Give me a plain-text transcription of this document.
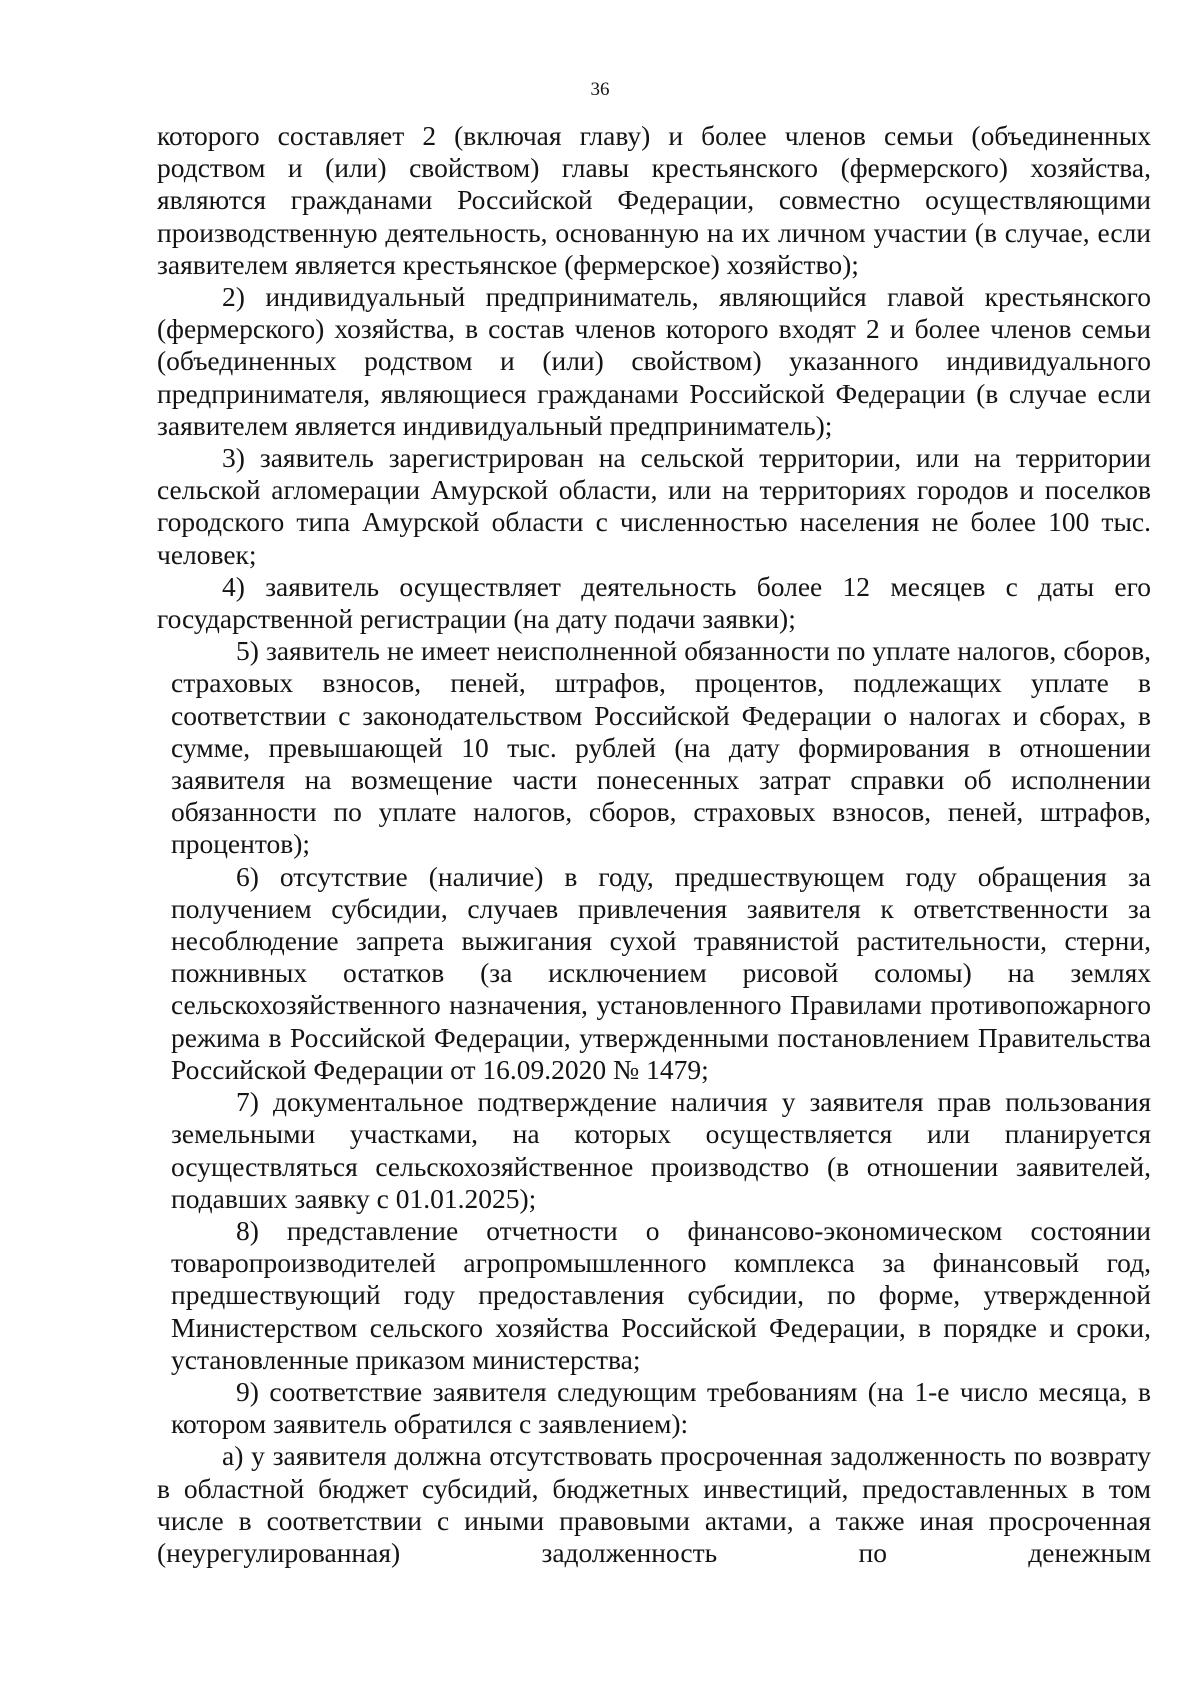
36

которого составляет 2 (включая главу) и более членов семьи (объединенных родством и (или) свойством) главы крестьянского (фермерского) хозяйства, являются гражданами Российской Федерации, совместно осуществляющими производственную деятельность, основанную на их личном участии (в случае, если заявителем является крестьянское (фермерское) хозяйство);

2) индивидуальный предприниматель, являющийся главой крестьянского (фермерского) хозяйства, в состав членов которого входят 2 и более членов семьи (объединенных родством и (или) свойством) указанного индивидуального предпринимателя, являющиеся гражданами Российской Федерации (в случае если заявителем является индивидуальный предприниматель);

3) заявитель зарегистрирован на сельской территории, или на территории сельской агломерации Амурской области, или на территориях городов и поселков городского типа Амурской области с численностью населения не более 100 тыс. человек;

4) заявитель осуществляет деятельность более 12 месяцев с даты его государственной регистрации (на дату подачи заявки);

5) заявитель не имеет неисполненной обязанности по уплате налогов, сборов, страховых взносов, пеней, штрафов, процентов, подлежащих уплате в соответствии с законодательством Российской Федерации о налогах и сборах, в сумме, превышающей 10 тыс. рублей (на дату формирования в отношении заявителя на возмещение части понесенных затрат справки об исполнении обязанности по уплате налогов, сборов, страховых взносов, пеней, штрафов, процентов);

6) отсутствие (наличие) в году, предшествующем году обращения за получением субсидии, случаев привлечения заявителя к ответственности за несоблюдение запрета выжигания сухой травянистой растительности, стерни, пожнивных остатков (за исключением рисовой соломы) на землях сельскохозяйственного назначения, установленного Правилами противопожарного режима в Российской Федерации, утвержденными постановлением Правительства Российской Федерации от 16.09.2020 № 1479;

7) документальное подтверждение наличия у заявителя прав пользования земельными участками, на которых осуществляется или планируется осуществляться сельскохозяйственное производство (в отношении заявителей, подавших заявку с 01.01.2025);

8) представление отчетности о финансово-экономическом состоянии товаропроизводителей агропромышленного комплекса за финансовый год, предшествующий году предоставления субсидии, по форме, утвержденной Министерством сельского хозяйства Российской Федерации, в порядке и сроки, установленные приказом министерства;

9) соответствие заявителя следующим требованиям (на 1-е число месяца, в котором заявитель обратился с заявлением):

а) у заявителя должна отсутствовать просроченная задолженность по возврату в областной бюджет субсидий, бюджетных инвестиций, предоставленных в том числе в соответствии с иными правовыми актами, а также иная просроченная (неурегулированная) задолженность по денежным
